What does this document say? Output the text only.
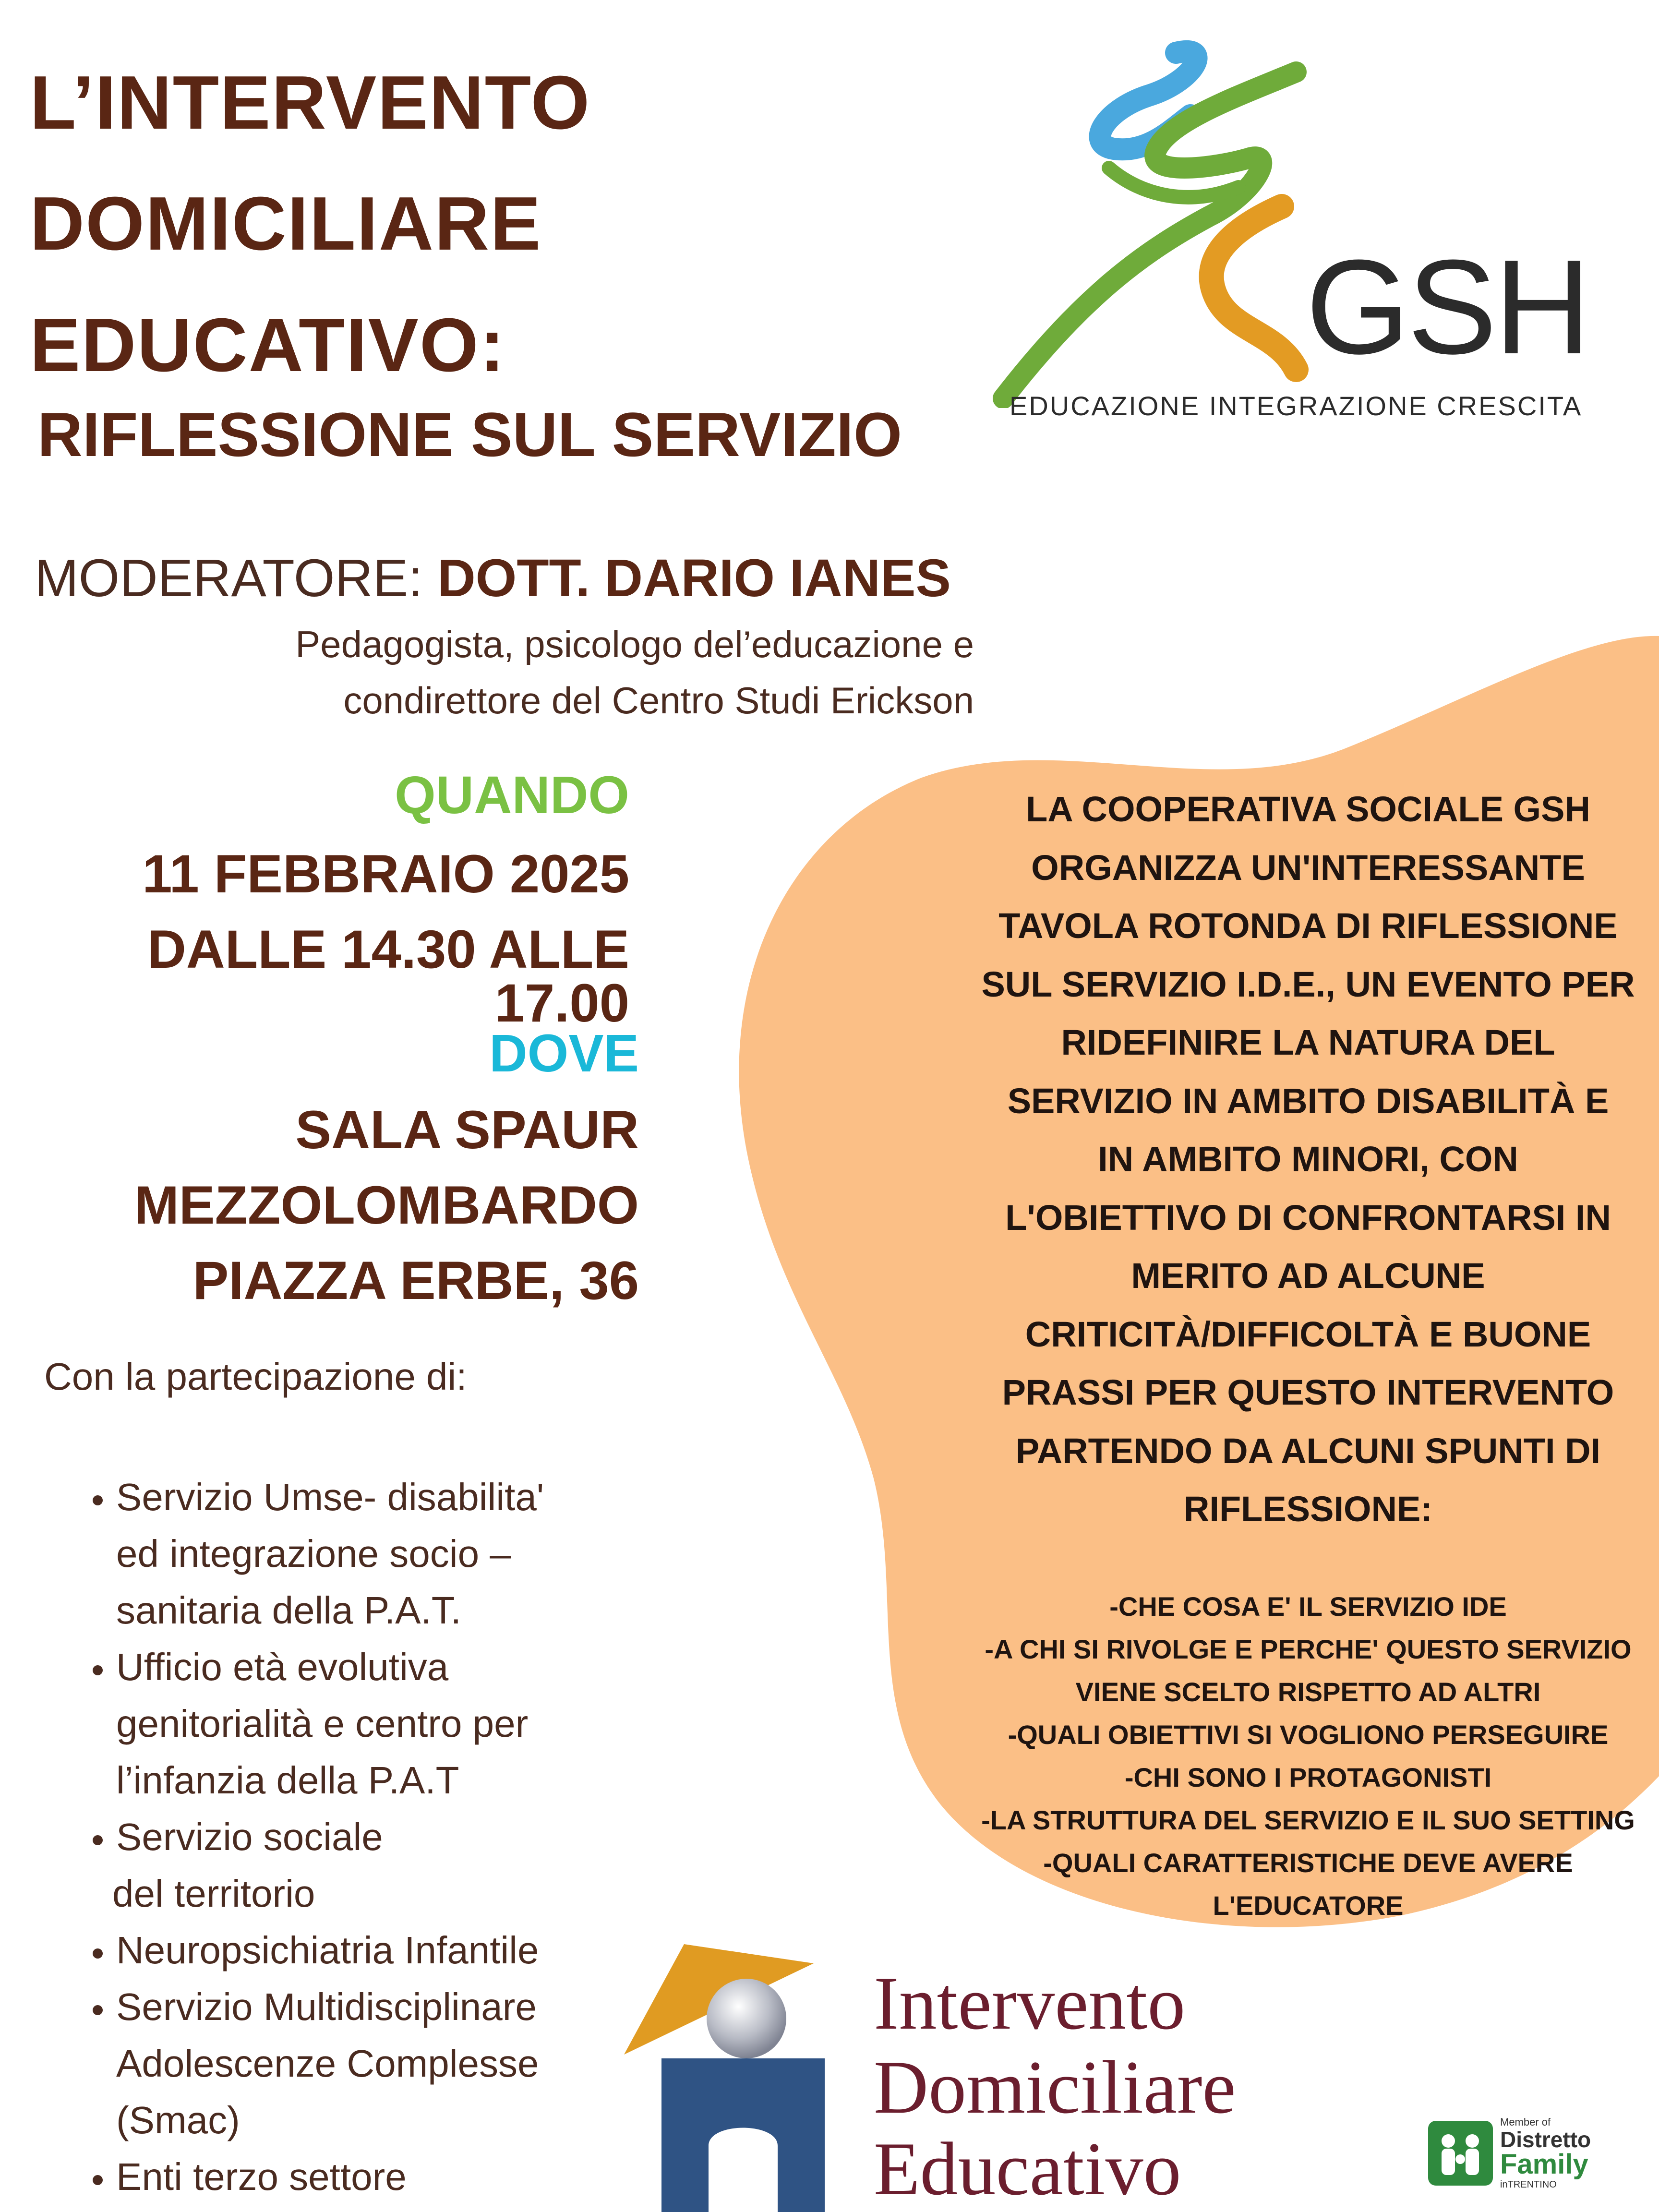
L’INTERVENTO
DOMICILIARE
EDUCATIVO:
RIFLESSIONE SUL SERVIZIO
GSH
EDUCAZIONE INTEGRAZIONE CRESCITA
MODERATORE: DOTT. DARIO IANES
Pedagogista, psicologo del’educazione e
condirettore del Centro Studi Erickson
QUANDO
11 FEBBRAIO 2025
DALLE 14.30 ALLE 17.00
DOVE
SALA SPAUR
MEZZOLOMBARDO
PIAZZA ERBE, 36
Con la partecipazione di:
• Servizio Umse- disabilita'
ed integrazione socio –
sanitaria della P.A.T.
• Ufficio età evolutiva
genitorialità e centro per
l’infanzia della P.A.T
• Servizio sociale
del territorio
• Neuropsichiatria Infantile
• Servizio Multidisciplinare
Adolescenze Complesse
(Smac)
• Enti terzo settore
LA COOPERATIVA SOCIALE GSH
ORGANIZZA UN'INTERESSANTE
TAVOLA ROTONDA DI RIFLESSIONE
SUL SERVIZIO I.D.E., UN EVENTO PER
RIDEFINIRE LA NATURA DEL
SERVIZIO IN AMBITO DISABILITÀ E
IN AMBITO MINORI, CON
L'OBIETTIVO DI CONFRONTARSI IN
MERITO AD ALCUNE
CRITICITÀ/DIFFICOLTÀ E BUONE
PRASSI PER QUESTO INTERVENTO
PARTENDO DA ALCUNI SPUNTI DI
RIFLESSIONE:
-CHE COSA E' IL SERVIZIO IDE
-A CHI SI RIVOLGE E PERCHE' QUESTO SERVIZIO
VIENE SCELTO RISPETTO AD ALTRI
-QUALI OBIETTIVI SI VOGLIONO PERSEGUIRE
-CHI SONO I PROTAGONISTI
-LA STRUTTURA DEL SERVIZIO E IL SUO SETTING
-QUALI CARATTERISTICHE DEVE AVERE
L'EDUCATORE
Intervento
Domiciliare
Educativo
Member of
Distretto
Family
inTRENTINO
